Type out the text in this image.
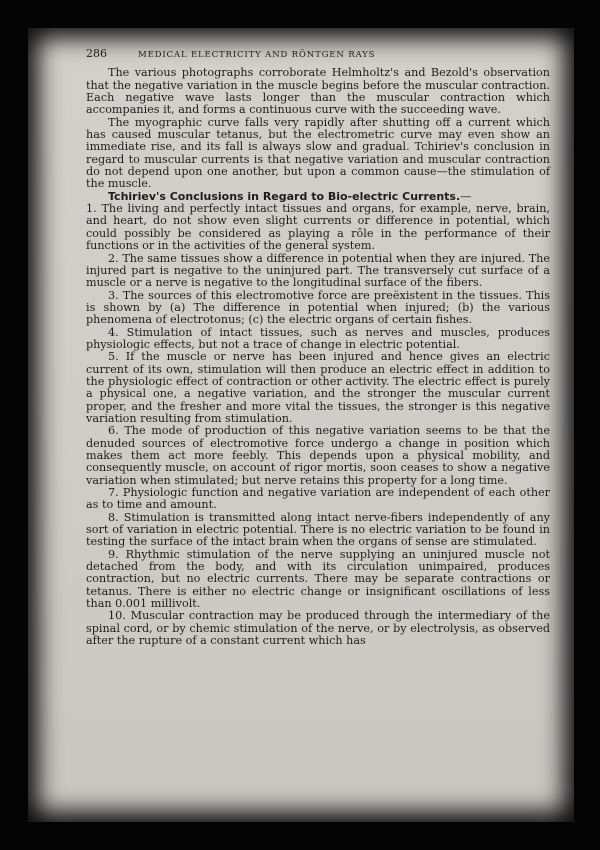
286	MEDICAL ELECTRICITY AND RÖNTGEN RAYS

The various photographs corroborate Helmholtz's and Bezold's observation that the negative variation in the muscle begins before the muscular contraction. Each negative wave lasts longer than the muscular contraction which accompanies it, and forms a continuous curve with the succeeding wave.

The myographic curve falls very rapidly after shutting off a current which has caused muscular tetanus, but the electrometric curve may even show an immediate rise, and its fall is always slow and gradual. Tchiriev's conclusion in regard to muscular currents is that negative variation and muscular contraction do not depend upon one another, but upon a common cause—the stimulation of the muscle.

Tchiriev's Conclusions in Regard to Bio-electric Currents.—

1. The living and perfectly intact tissues and organs, for example, nerve, brain, and heart, do not show even slight currents or difference in potential, which could possibly be considered as playing a rôle in the performance of their functions or in the activities of the general system.

2. The same tissues show a difference in potential when they are injured. The injured part is negative to the uninjured part. The transversely cut surface of a muscle or a nerve is negative to the longitudinal surface of the fibers.

3. The sources of this electromotive force are preëxistent in the tissues. This is shown by (a) The difference in potential when injured; (b) the various phenomena of electrotonus; (c) the electric organs of certain fishes.

4. Stimulation of intact tissues, such as nerves and muscles, produces physiologic effects, but not a trace of change in electric potential.

5. If the muscle or nerve has been injured and hence gives an electric current of its own, stimulation will then produce an electric effect in addition to the physiologic effect of contraction or other activity. The electric effect is purely a physical one, a negative variation, and the stronger the muscular current proper, and the fresher and more vital the tissues, the stronger is this negative variation resulting from stimulation.

6. The mode of production of this negative variation seems to be that the denuded sources of electromotive force undergo a change in position which makes them act more feebly. This depends upon a physical mobility, and consequently muscle, on account of rigor mortis, soon ceases to show a negative variation when stimulated; but nerve retains this property for a long time.

7. Physiologic function and negative variation are independent of each other as to time and amount.

8. Stimulation is transmitted along intact nerve-fibers independently of any sort of variation in electric potential. There is no electric variation to be found in testing the surface of the intact brain when the organs of sense are stimulated.

9. Rhythmic stimulation of the nerve supplying an uninjured muscle not detached from the body, and with its circulation unimpaired, produces contraction, but no electric currents. There may be separate contractions or tetanus. There is either no electric change or insignificant oscillations of less than 0.001 millivolt.

10. Muscular contraction may be produced through the intermediary of the spinal cord, or by chemic stimulation of the nerve, or by electrolysis, as observed after the rupture of a constant current which has
